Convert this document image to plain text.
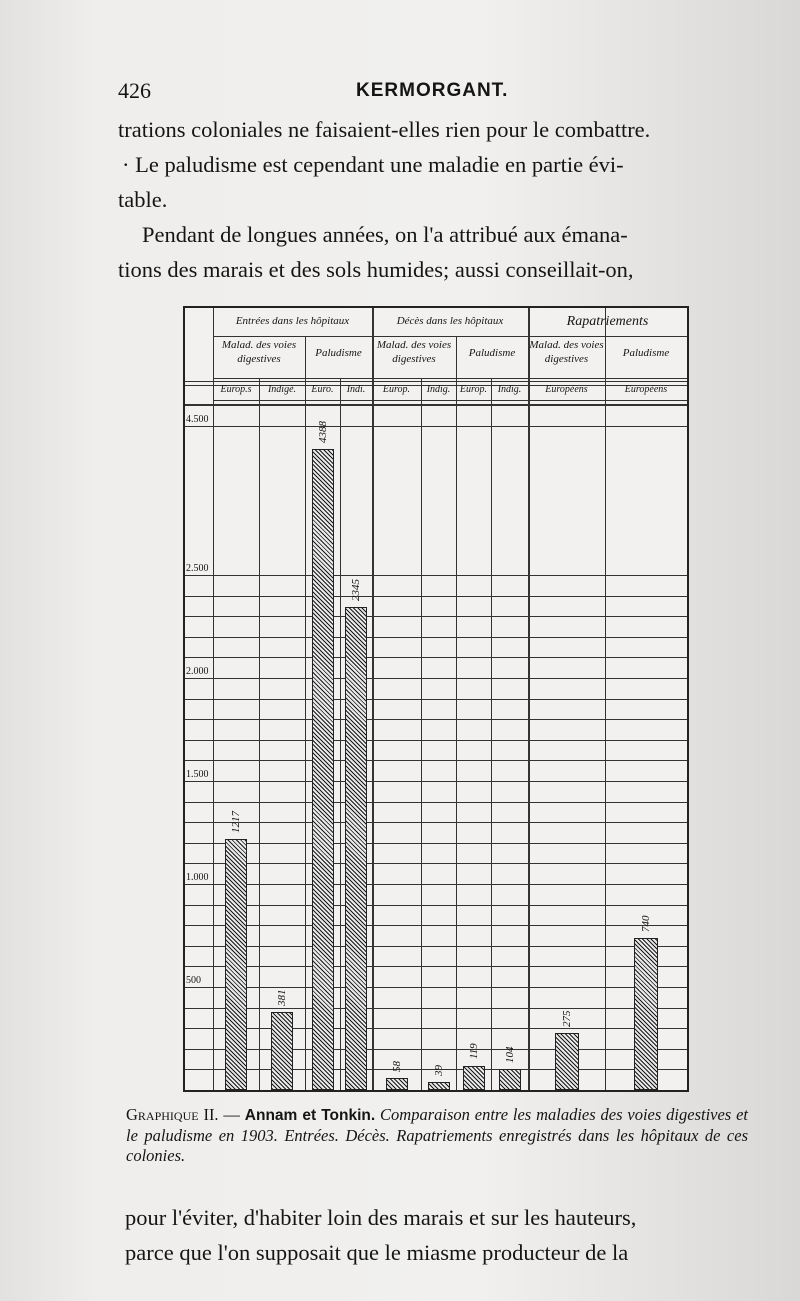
426	KERMORGANT.

trations coloniales ne faisaient-elles rien pour le combattre.

· Le paludisme est cependant une maladie en partie évi-

table.

Pendant de longues années, on l'a attribué aux émana-

tions des marais et des sols humides; aussi conseillait-on,

Entrées dans les hôpitaux
Malad. des voies
digestives
Europ.s	Indigè.
Paludisme
Euro.	Indi.
Décès dans les hôpitaux
Malad. des voies
digestives
Europ.	Indig.
Paludisme
Europ.	Indig.
Rapatriements
Malad. des voies
digestives
Européens
Paludisme
Européens
500
1.000
1.500
2.000
2.500
4.500
1217
381
4388
2345
58	39
119 104
275
740
Graphique II. — Annam et Tonkin. Comparaison entre les maladies des voies digestives et le paludisme en 1903. Entrées. Décès. Rapatriements enregistrés dans les hôpitaux de ces colonies.

pour l'éviter, d'habiter loin des marais et sur les hauteurs,

parce que l'on supposait que le miasme producteur de la
